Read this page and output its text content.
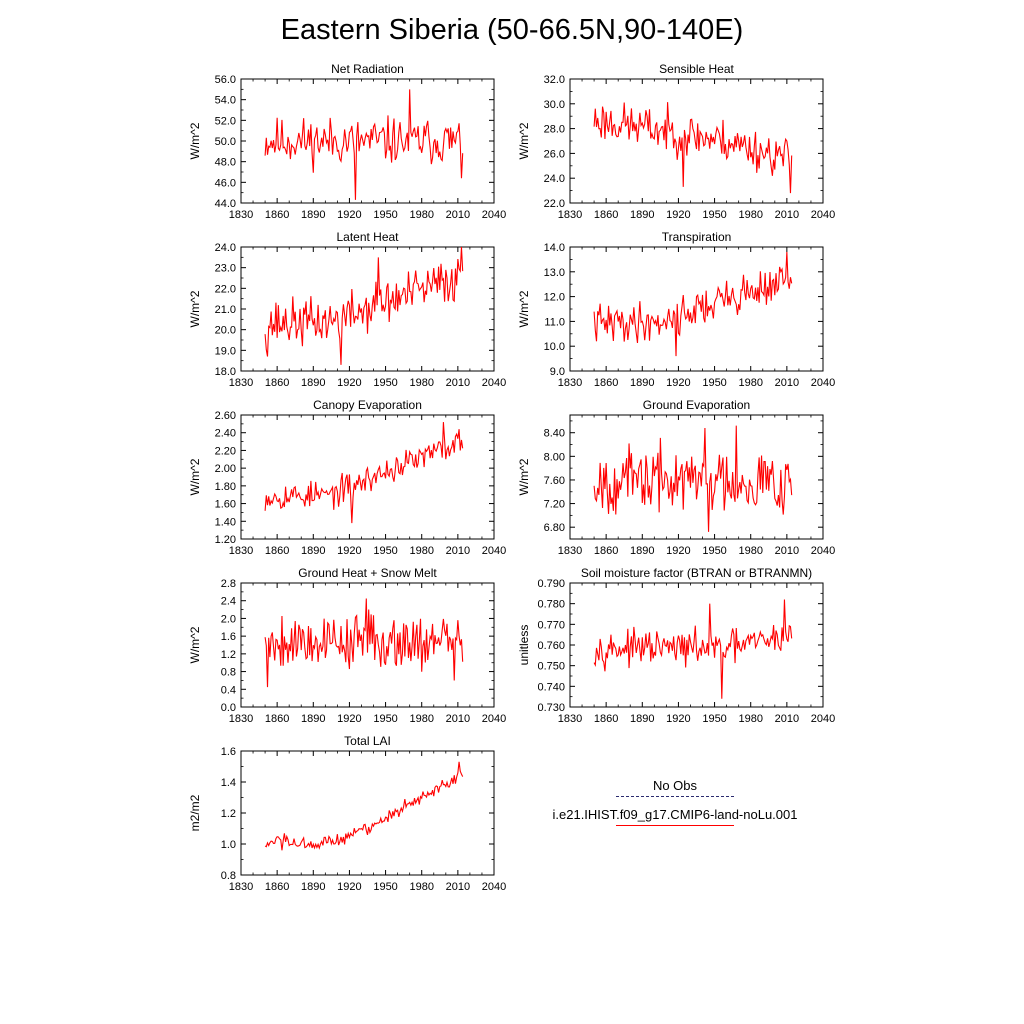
Eastern Siberia (50-66.5N,90-140E)
Net Radiation
W/m^2
1830 1860 1890 1920 1950 1980 2010 2040
44.0
46.0
48.0
50.0
52.0
54.0
56.0
Sensible Heat
W/m^2
1830 1860 1890 1920 1950 1980 2010 2040
22.0
24.0
26.0
28.0
30.0
32.0
Latent Heat
W/m^2
1830 1860 1890 1920 1950 1980 2010 2040
18.0
19.0
20.0
21.0
22.0
23.0
24.0
Transpiration
W/m^2
1830 1860 1890 1920 1950 1980 2010 2040
9.0
10.0
11.0
12.0
13.0
14.0
Canopy Evaporation
W/m^2
1830 1860 1890 1920 1950 1980 2010 2040
1.20
1.40
1.60
1.80
2.00
2.20
2.40
2.60
Ground Evaporation
W/m^2
1830 1860 1890 1920 1950 1980 2010 2040
6.80
7.20
7.60
8.00
8.40
Ground Heat + Snow Melt
W/m^2
1830 1860 1890 1920 1950 1980 2010 2040
0.0
0.4
0.8
1.2
1.6
2.0
2.4
2.8
Soil moisture factor (BTRAN or BTRANMN)
unitless
1830 1860 1890 1920 1950 1980 2010 2040
0.730
0.740
0.750
0.760
0.770
0.780
0.790
Total LAI
m2/m2
1830 1860 1890 1920 1950 1980 2010 2040
0.8
1.0
1.2
1.4
1.6
No Obs
i.e21.IHIST.f09_g17.CMIP6-land-noLu.001
